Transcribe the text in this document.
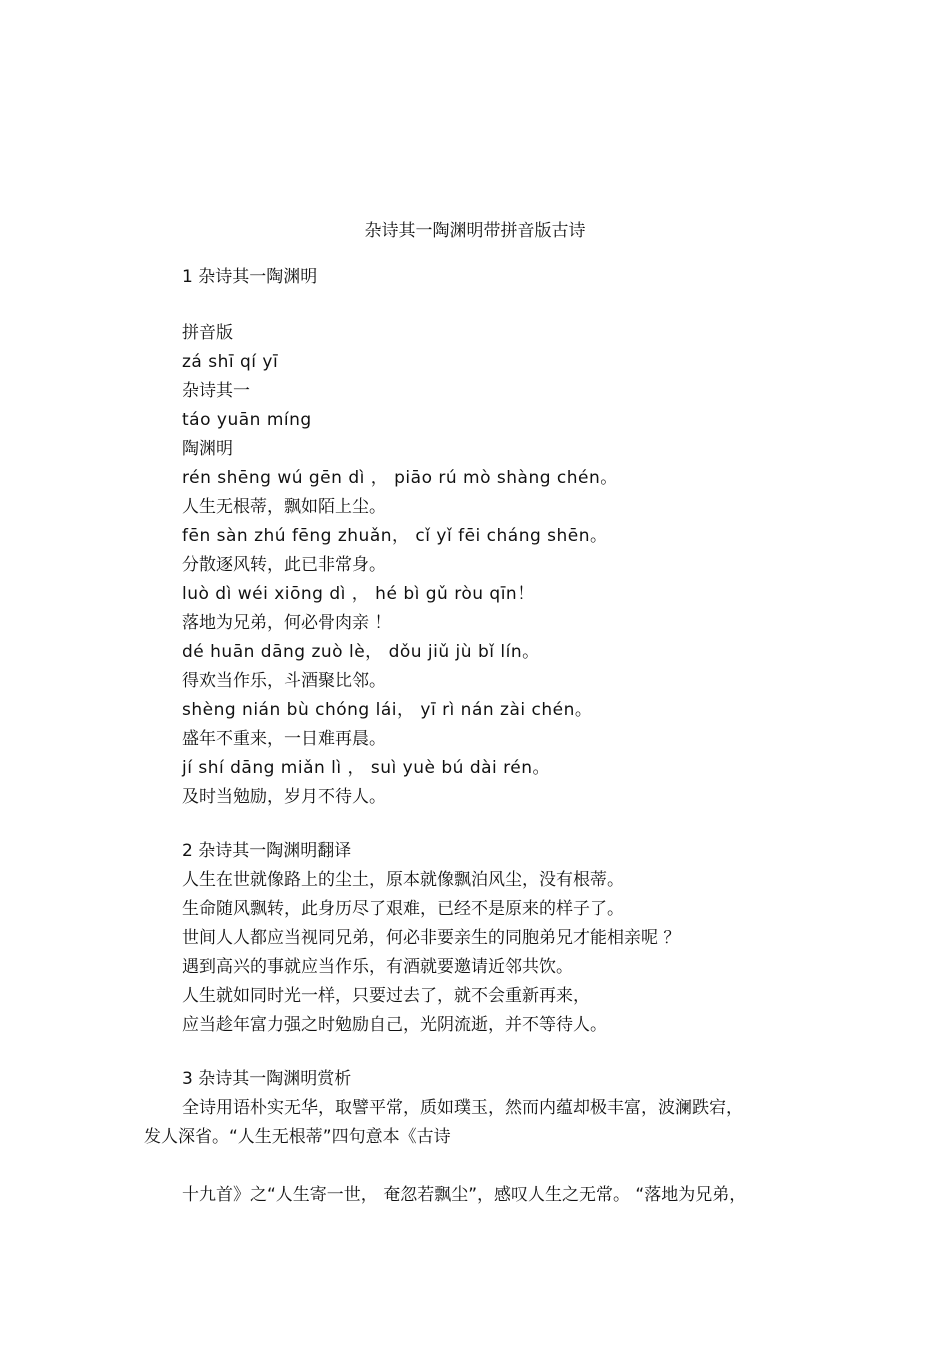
杂诗其一陶渊明带拼音版古诗
1 杂诗其一陶渊明
拼音版
zá shī qí yī
杂诗其一
táo yuān míng
陶渊明
rén shēng wú gēn dì ， piāo rú mò shàng chén。
人生无根蒂，飘如陌上尘。
fēn sàn zhú fēng zhuǎn， cǐ yǐ fēi cháng shēn。
分散逐风转，此已非常身。
luò dì wéi xiōng dì ， hé bì gǔ ròu qīn！
落地为兄弟，何必骨肉亲 ！
dé huān dāng zuò lè， dǒu jiǔ jù bǐ lín。
得欢当作乐，斗酒聚比邻。
shèng nián bù chóng lái， yī rì nán zài chén。
盛年不重来，一日难再晨。
jí shí dāng miǎn lì ， suì yuè bú dài rén。
及时当勉励，岁月不待人。
2 杂诗其一陶渊明翻译
人生在世就像路上的尘土，原本就像飘泊风尘，没有根蒂。
生命随风飘转，此身历尽了艰难，已经不是原来的样子了。
世间人人都应当视同兄弟，何必非要亲生的同胞弟兄才能相亲呢 ？
遇到高兴的事就应当作乐，有酒就要邀请近邻共饮。
人生就如同时光一样，只要过去了，就不会重新再来，
应当趁年富力强之时勉励自己，光阴流逝，并不等待人。
3 杂诗其一陶渊明赏析
全诗用语朴实无华，取譬平常，质如璞玉，然而内蕴却极丰富，波澜跌宕，
发人深省。“人生无根蒂”四句意本《古诗
十九首》之“人生寄一世， 奄忽若飘尘”，感叹人生之无常。 “落地为兄弟，
